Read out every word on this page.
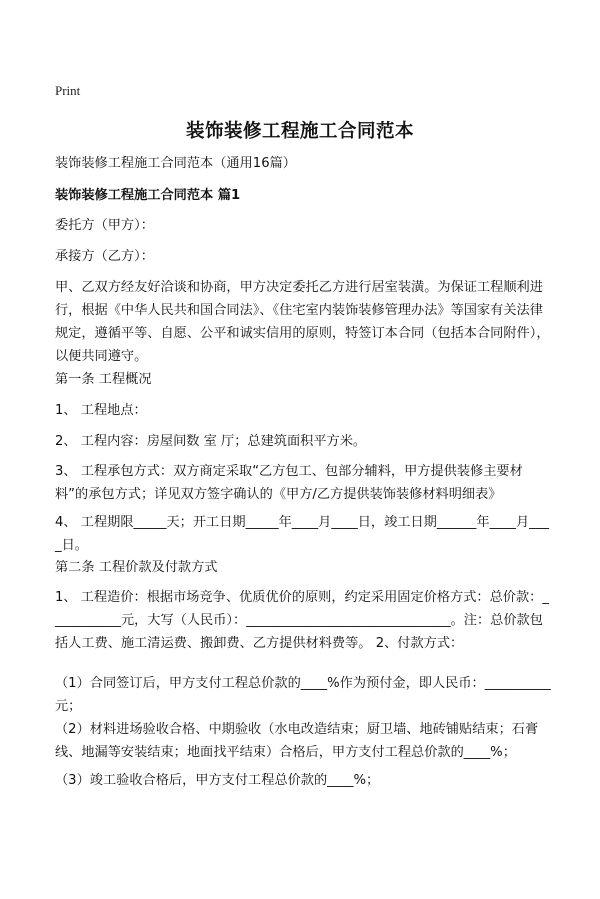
Print
装饰装修工程施工合同范本
装饰装修工程施工合同范本（通用16篇）
装饰装修工程施工合同范本 篇1
委托方（甲方）：
承接方（乙方）：
甲、乙双方经友好洽谈和协商，甲方决定委托乙方进行居室装潢。为保证工程顺利进行，根据《中华人民共和国合同法》、《住宅室内装饰装修管理办法》等国家有关法律规定，遵循平等、自愿、公平和诚实信用的原则，特签订本合同（包括本合同附件），以便共同遵守。
第一条 工程概况
1、 工程地点：
2、 工程内容：房屋间数 室 厅；总建筑面积平方米。
3、 工程承包方式：双方商定采取“乙方包工、包部分辅料，甲方提供装修主要材料”的承包方式；详见双方签字确认的《甲方/乙方提供装饰装修材料明细表》
4、 工程期限_____天；开工日期_____年____月____日，竣工日期______年____月____日。
第二条 工程价款及付款方式
1、 工程造价：根据市场竞争、优质优价的原则，约定采用固定价格方式：总价款：___________元，大写（人民币）：_______________________________。注：总价款包括人工费、施工清运费、搬卸费、乙方提供材料费等。 2、付款方式：
（1）合同签订后，甲方支付工程总价款的____%作为预付金，即人民币：__________元；
（2）材料进场验收合格、中期验收（水电改造结束；厨卫墙、地砖铺贴结束；石膏线、地漏等安装结束；地面找平结束）合格后，甲方支付工程总价款的____%；
（3）竣工验收合格后，甲方支付工程总价款的____%；
